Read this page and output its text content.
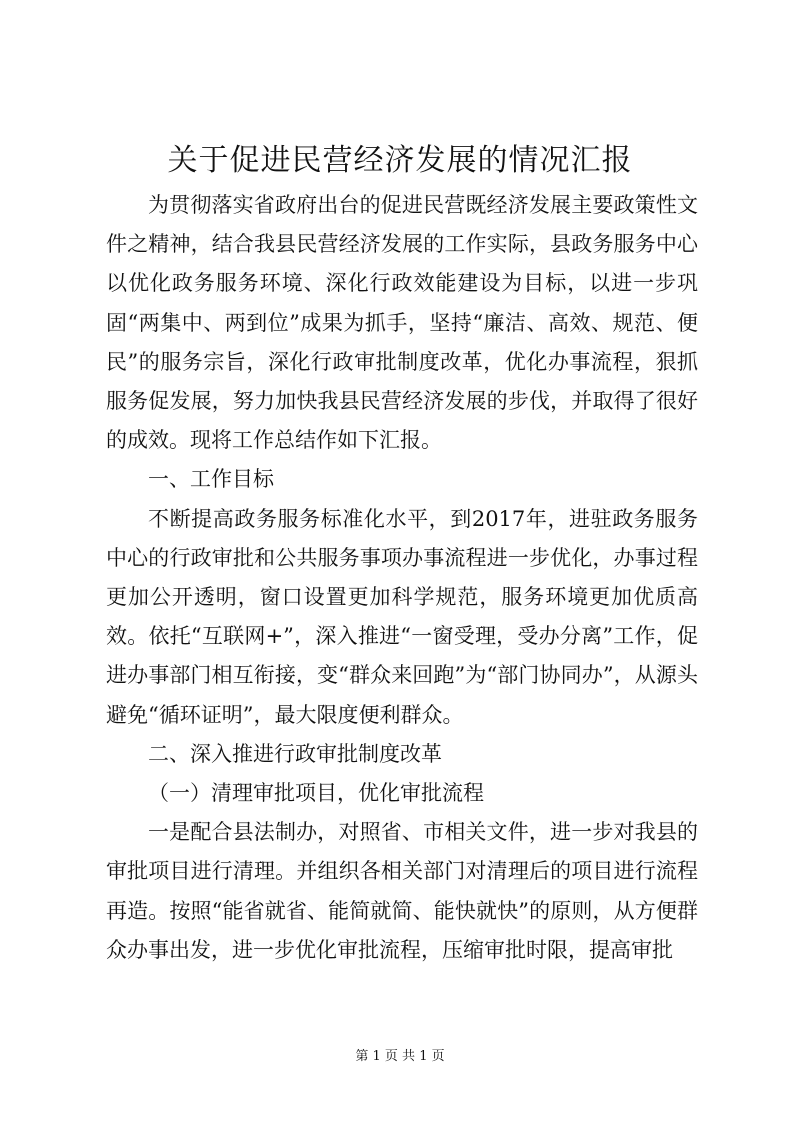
关于促进民营经济发展的情况汇报

为贯彻落实省政府出台的促进民营既经济发展主要政策性文件之精神，结合我县民营经济发展的工作实际，县政务服务中心以优化政务服务环境、深化行政效能建设为目标，以进一步巩固“两集中、两到位”成果为抓手，坚持“廉洁、高效、规范、便民”的服务宗旨，深化行政审批制度改革，优化办事流程，狠抓服务促发展，努力加快我县民营经济发展的步伐，并取得了很好的成效。现将工作总结作如下汇报。

一、工作目标

不断提高政务服务标准化水平，到2017年，进驻政务服务中心的行政审批和公共服务事项办事流程进一步优化，办事过程更加公开透明，窗口设置更加科学规范，服务环境更加优质高效。依托“互联网+”，深入推进“一窗受理，受办分离”工作，促进办事部门相互衔接，变“群众来回跑”为“部门协同办”，从源头避免“循环证明”，最大限度便利群众。

二、深入推进行政审批制度改革

（一）清理审批项目，优化审批流程

一是配合县法制办，对照省、市相关文件，进一步对我县的审批项目进行清理。并组织各相关部门对清理后的项目进行流程再造。按照“能省就省、能简就简、能快就快”的原则，从方便群众办事出发，进一步优化审批流程，压缩审批时限，提高审批

第 1 页 共 1 页
